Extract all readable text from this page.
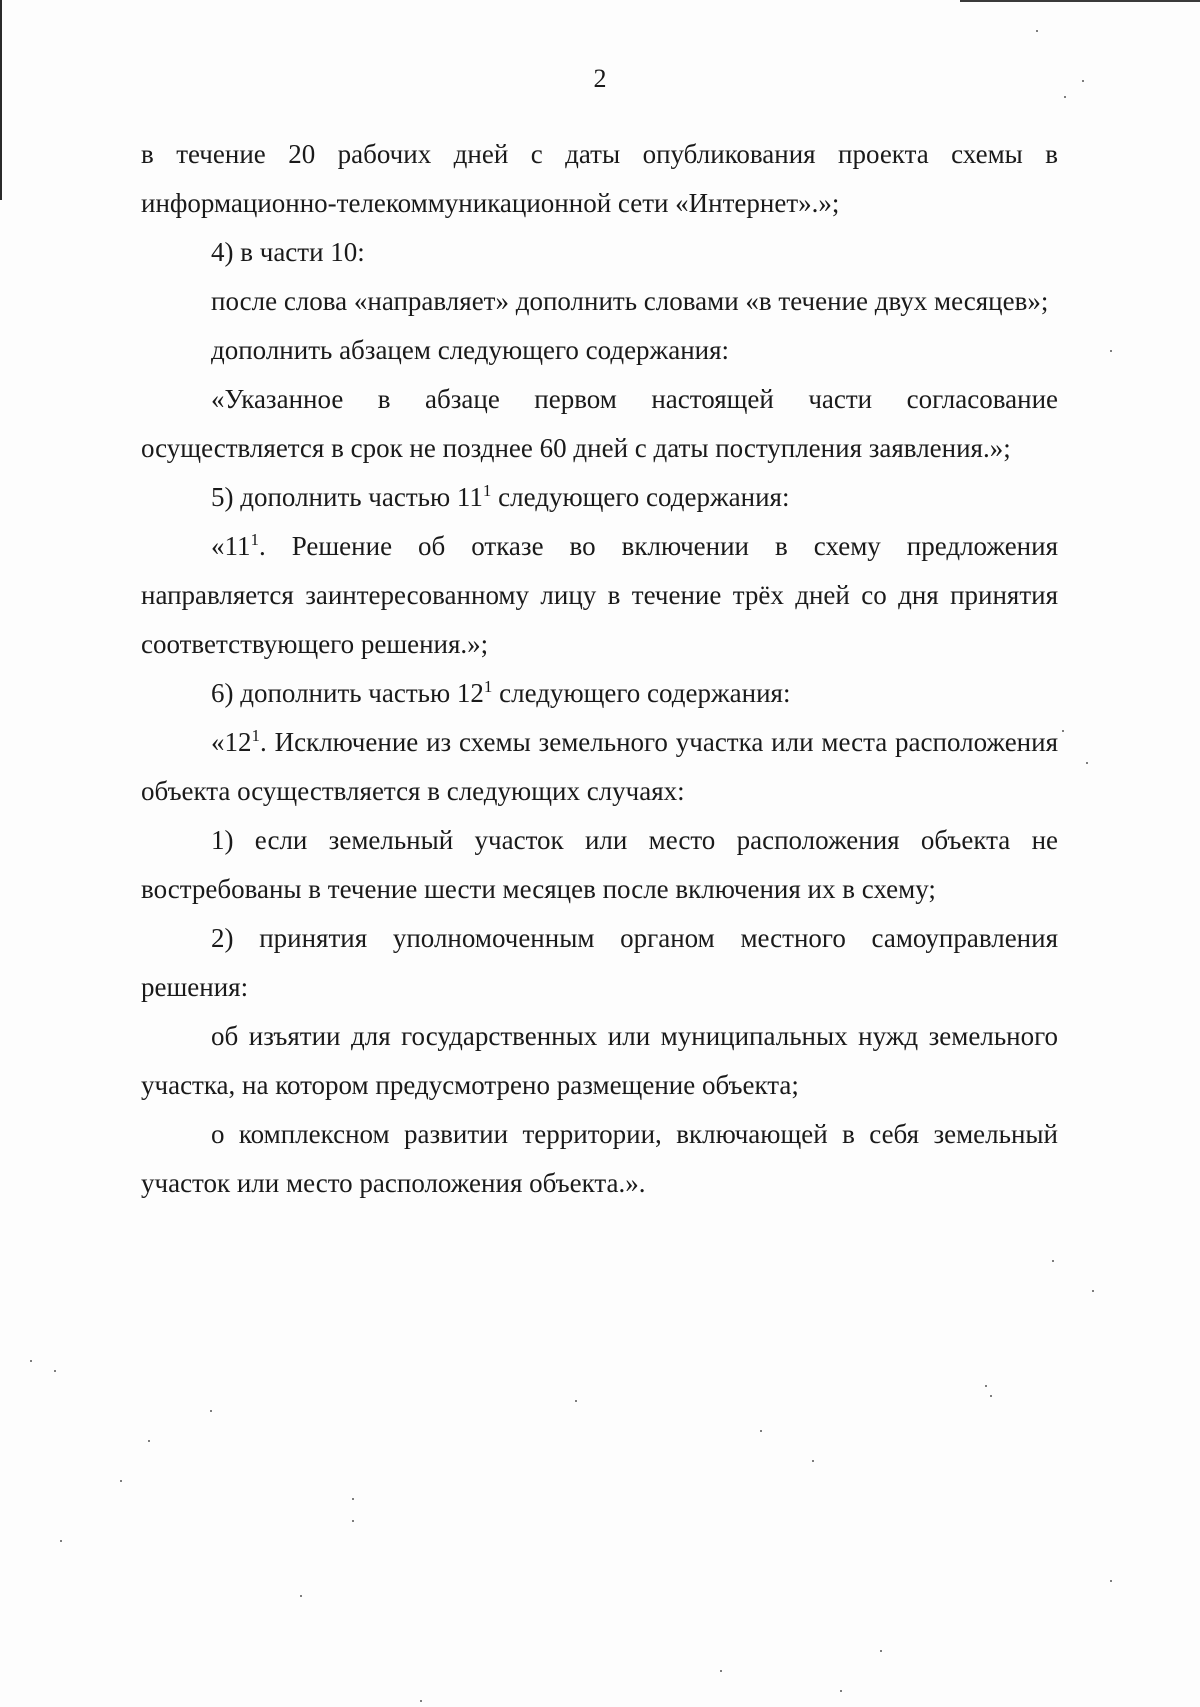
2

в течение 20 рабочих дней с даты опубликования проекта схемы в информационно-телекоммуникационной сети «Интернет».»;

4) в части 10:

после слова «направляет» дополнить словами «в течение двух месяцев»;

дополнить абзацем следующего содержания:

«Указанное в абзаце первом настоящей части согласование осуществляется в срок не позднее 60 дней с даты поступления заявления.»;

5) дополнить частью $11^1$ следующего содержания:

«$11^1$. Решение об отказе во включении в схему предложения направляется заинтересованному лицу в течение трёх дней со дня принятия соответствующего решения.»;

6) дополнить частью $12^1$ следующего содержания:

«$12^1$. Исключение из схемы земельного участка или места расположения объекта осуществляется в следующих случаях:

1) если земельный участок или место расположения объекта не востребованы в течение шести месяцев после включения их в схему;

2) принятия уполномоченным органом местного самоуправления решения:

об изъятии для государственных или муниципальных нужд земельного участка, на котором предусмотрено размещение объекта;

о комплексном развитии территории, включающей в себя земельный участок или место расположения объекта.».
